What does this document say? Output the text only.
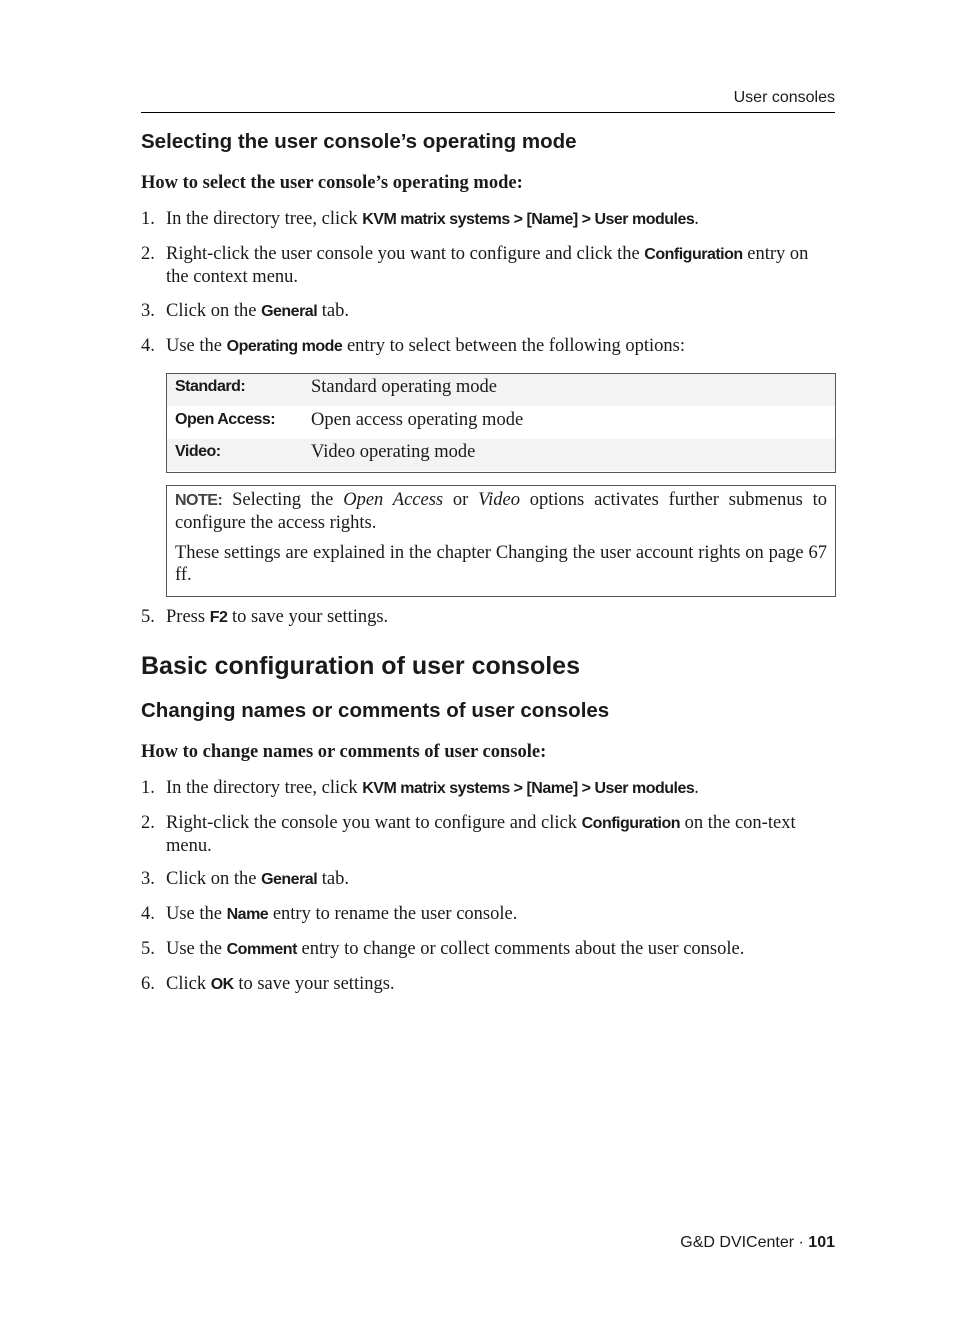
User consoles
Selecting the user console’s operating mode

How to select the user console’s operating mode:

1. In the directory tree, click KVM matrix systems > [Name] > User modules.
2. Right-click the user console you want to configure and click the Configuration entry on the context menu.
3. Click on the General tab.
4. Use the Operating mode entry to select between the following options:
Standard:	Standard operating mode
Open Access: Open access operating mode
Video:	Video operating mode

NOTE: Selecting the Open Access or Video options activates further submenus to configure the access rights.

These settings are explained in the chapter Changing the user account rights on page 67 ff.

5. Press F2 to save your settings.
Basic configuration of user consoles
Changing names or comments of user consoles

How to change names or comments of user console:

1. In the directory tree, click KVM matrix systems > [Name] > User modules.
2. Right-click the console you want to configure and click Configuration on the con-text menu.
3. Click on the General tab.
4. Use the Name entry to rename the user console.
5. Use the Comment entry to change or collect comments about the user console.
6. Click OK to save your settings.
G&D DVICenter · 101
